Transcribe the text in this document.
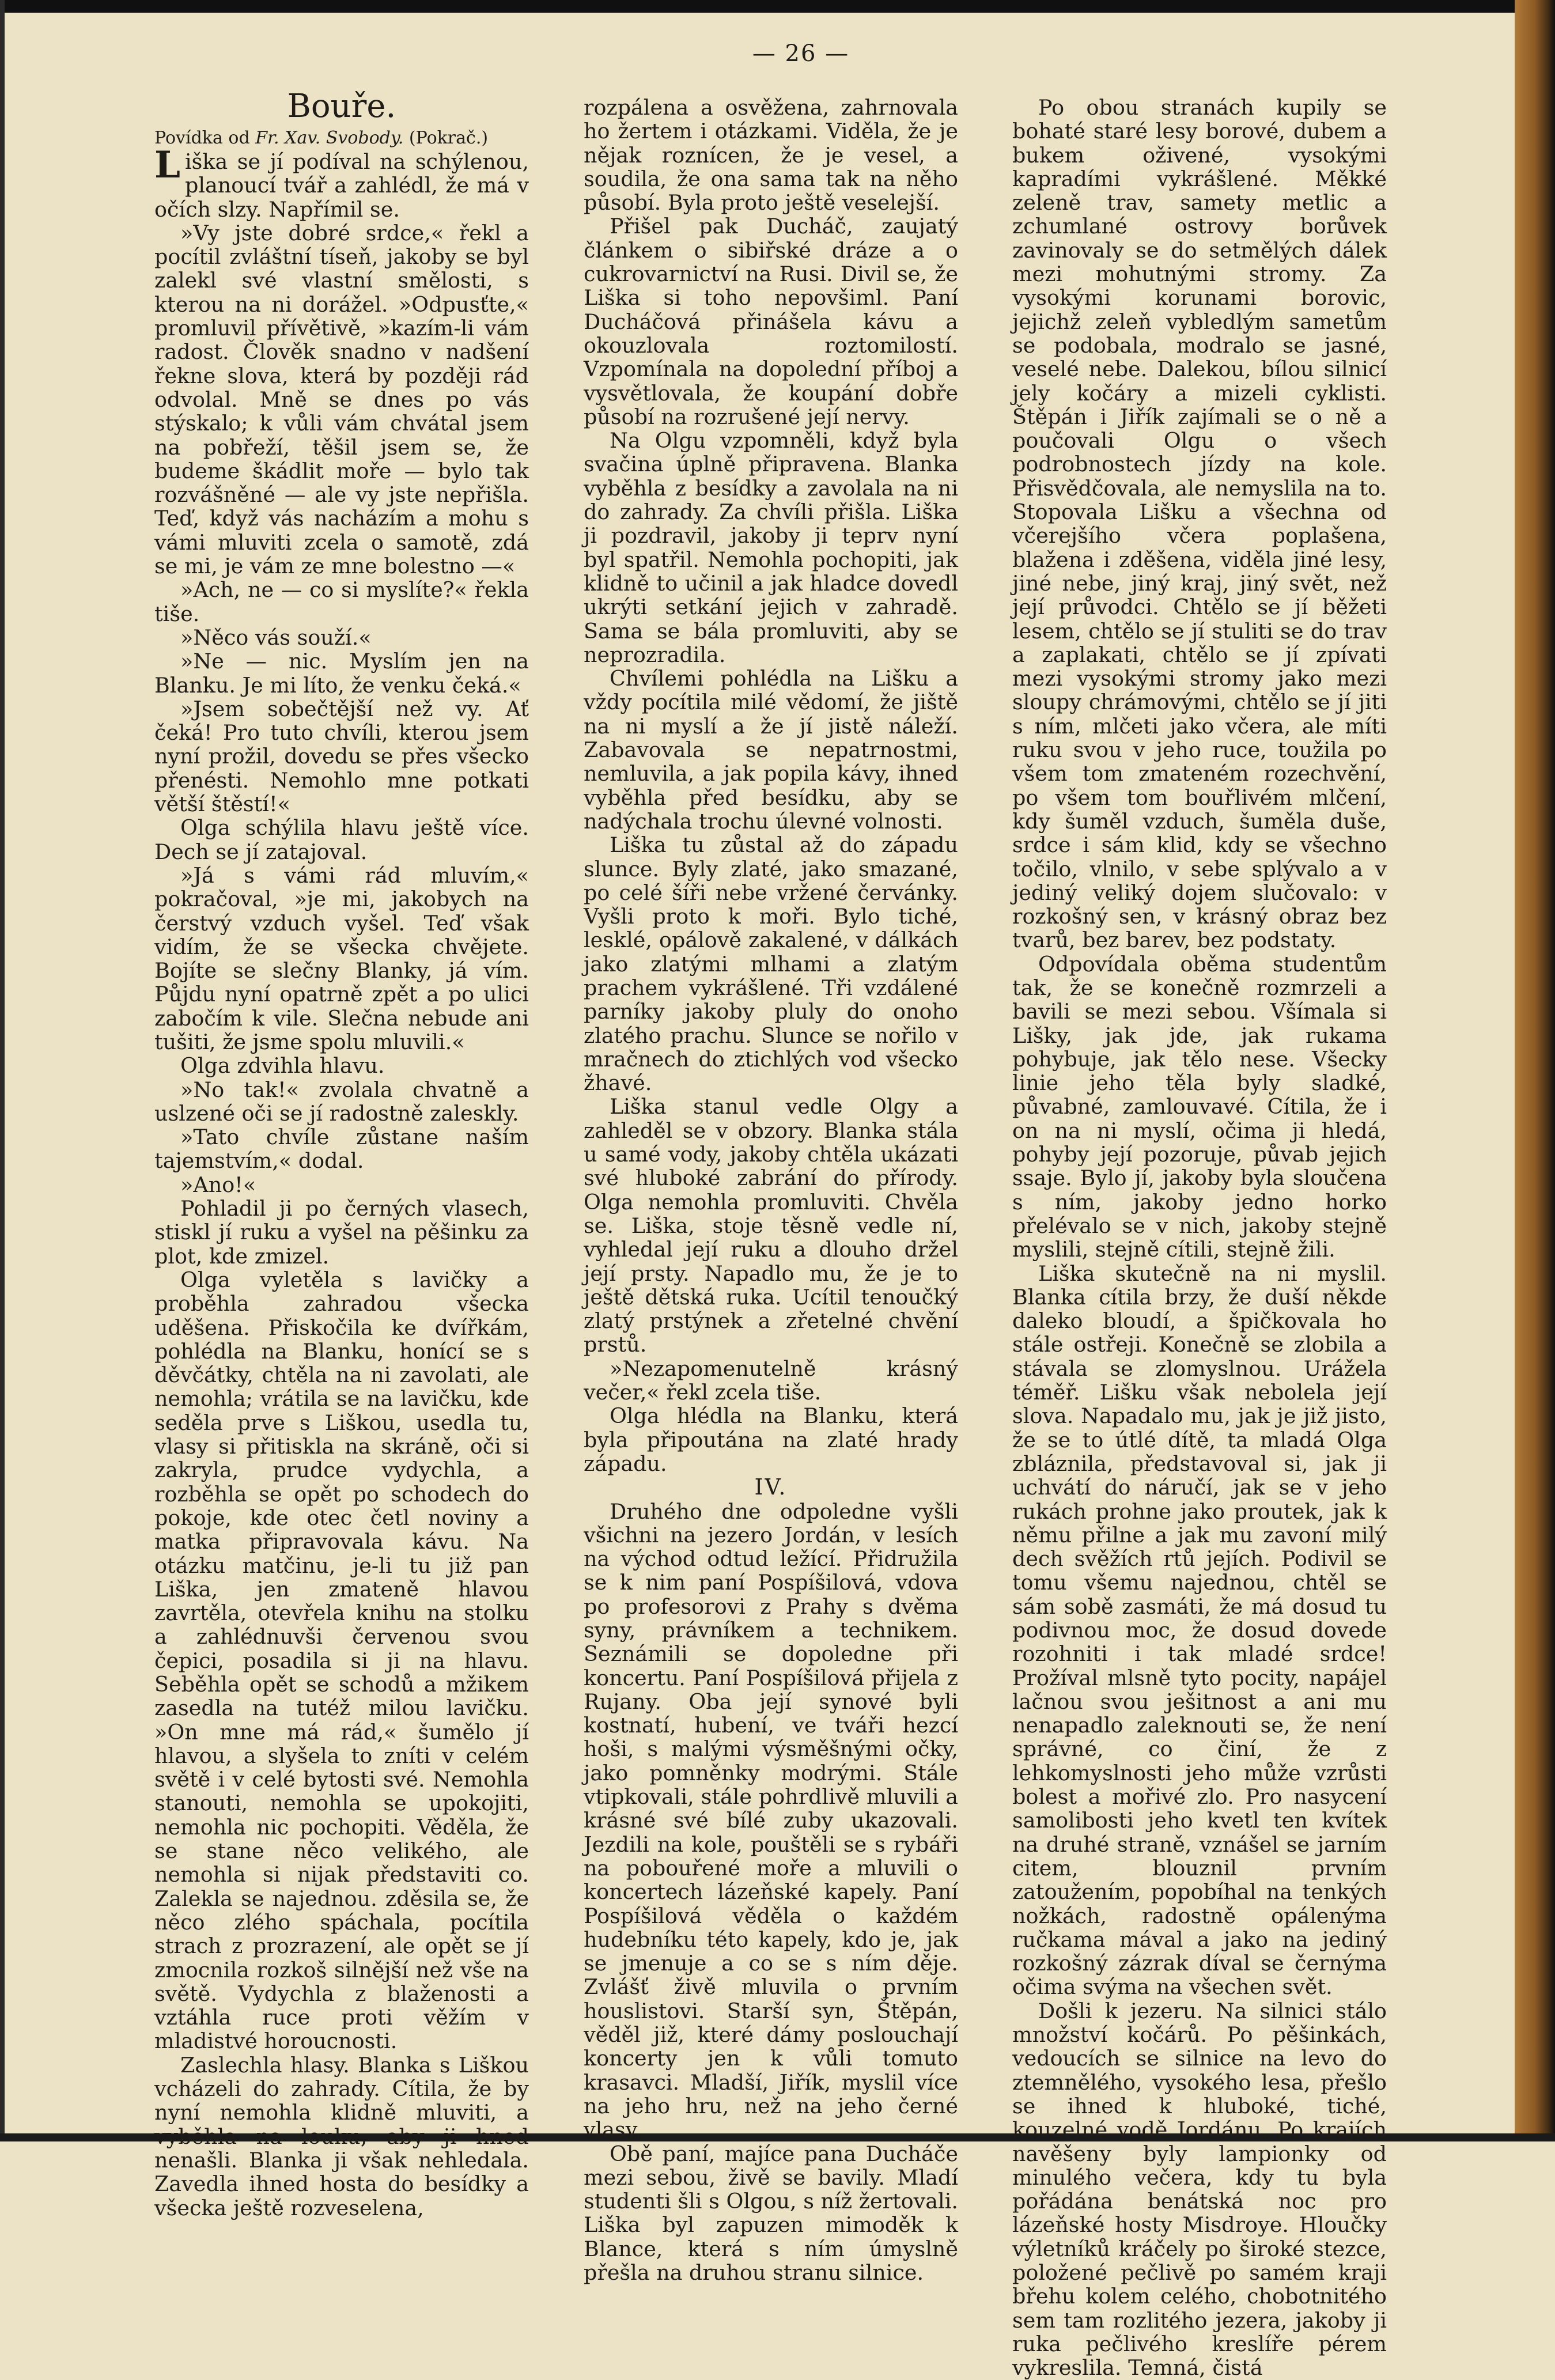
— 26 —

Bouře.

Povídka od Fr. Xav. Svobody. (Pokrač.)

Liška se jí podíval na schýlenou, planoucí tvář a zahlédl, že má v očích slzy. Napřímil se.

»Vy jste dobré srdce,« řekl a pocítil zvláštní tíseň, jakoby se byl zalekl své vlastní smělosti, s kterou na ni dorážel. »Odpusťte,« promluvil přívětivě, »kazím-li vám radost. Člověk snadno v nadšení řekne slova, která by později rád odvolal. Mně se dnes po vás stýskalo; k vůli vám chvátal jsem na pobřeží, těšil jsem se, že budeme škádlit moře — bylo tak rozvášněné — ale vy jste nepřišla. Teď, když vás nacházím a mohu s vámi mluviti zcela o samotě, zdá se mi, je vám ze mne bolestno —«

»Ach, ne — co si myslíte?« řekla tiše.

»Něco vás souží.«

»Ne — nic. Myslím jen na Blanku. Je mi líto, že venku čeká.«

»Jsem sobečtější než vy. Ať čeká! Pro tuto chvíli, kterou jsem nyní prožil, dovedu se přes všecko přenésti. Nemohlo mne potkati větší štěstí!«

Olga schýlila hlavu ještě více. Dech se jí zatajoval.

»Já s vámi rád mluvím,« pokračoval, »je mi, jakobych na čerstvý vzduch vyšel. Teď však vidím, že se všecka chvějete. Bojíte se slečny Blanky, já vím. Půjdu nyní opatrně zpět a po ulici zabočím k vile. Slečna nebude ani tušiti, že jsme spolu mluvili.«

Olga zdvihla hlavu.

»No tak!« zvolala chvatně a uslzené oči se jí radostně zaleskly.

»Tato chvíle zůstane naším tajemstvím,« dodal.

»Ano!«

Pohladil ji po černých vlasech, stiskl jí ruku a vyšel na pěšinku za plot, kde zmizel.

Olga vyletěla s lavičky a proběhla zahradou všecka uděšena. Přiskočila ke dvířkám, pohlédla na Blanku, honící se s děvčátky, chtěla na ni zavolati, ale nemohla; vrátila se na lavičku, kde seděla prve s Liškou, usedla tu, vlasy si přitiskla na skráně, oči si zakryla, prudce vydychla, a rozběhla se opět po schodech do pokoje, kde otec četl noviny a matka připravovala kávu. Na otázku matčinu, je-li tu již pan Liška, jen zmateně hlavou zavrtěla, otevřela knihu na stolku a zahlédnuvši červenou svou čepici, posadila si ji na hlavu. Seběhla opět se schodů a mžikem zasedla na tutéž milou lavičku. »On mne má rád,« šumělo jí hlavou, a slyšela to zníti v celém světě i v celé bytosti své. Nemohla stanouti, nemohla se upokojiti, nemohla nic pochopiti. Věděla, že se stane něco velikého, ale nemohla si nijak představiti co. Zalekla se najednou. zděsila se, že něco zlého spáchala, pocítila strach z prozrazení, ale opět se jí zmocnila rozkoš silnější než vše na světě. Vydychla z blaženosti a vztáhla ruce proti věžím v mladistvé horoucnosti.

Zaslechla hlasy. Blanka s Liškou vcházeli do zahrady. Cítila, že by nyní nemohla klidně mluviti, a vyběhla na louku, aby ji hned nenašli. Blanka ji však nehledala. Zavedla ihned hosta do besídky a všecka ještě rozveselena,

rozpálena a osvěžena, zahrnovala ho žertem i otázkami. Viděla, že je nějak roznícen, že je vesel, a soudila, že ona sama tak na něho působí. Byla proto ještě veselejší.

Přišel pak Ducháč, zaujatý článkem o sibiřské dráze a o cukrovarnictví na Rusi. Divil se, že Liška si toho nepovšiml. Paní Ducháčová přinášela kávu a okouzlovala roztomilostí. Vzpomínala na dopolední příboj a vysvětlovala, že koupání dobře působí na rozrušené její nervy.

Na Olgu vzpomněli, když byla svačina úplně připravena. Blanka vyběhla z besídky a zavolala na ni do zahrady. Za chvíli přišla. Liška ji pozdravil, jakoby ji teprv nyní byl spatřil. Nemohla pochopiti, jak klidně to učinil a jak hladce dovedl ukrýti setkání jejich v zahradě. Sama se bála promluviti, aby se neprozradila.

Chvílemi pohlédla na Lišku a vždy pocítila milé vědomí, že jiště na ni myslí a že jí jistě náleží. Zabavovala se nepatrnostmi, nemluvila, a jak popila kávy, ihned vyběhla před besídku, aby se nadýchala trochu úlevné volnosti.

Liška tu zůstal až do západu slunce. Byly zlaté, jako smazané, po celé šíři nebe vržené červánky. Vyšli proto k moři. Bylo tiché, lesklé, opálově zakalené, v dálkách jako zlatými mlhami a zlatým prachem vykrášlené. Tři vzdálené parníky jakoby pluly do onoho zlatého prachu. Slunce se nořilo v mračnech do ztichlých vod všecko žhavé.

Liška stanul vedle Olgy a zahleděl se v obzory. Blanka stála u samé vody, jakoby chtěla ukázati své hluboké zabrání do přírody. Olga nemohla promluviti. Chvěla se. Liška, stoje těsně vedle ní, vyhledal její ruku a dlouho držel její prsty. Napadlo mu, že je to ještě dětská ruka. Ucítil tenoučký zlatý prstýnek a zřetelné chvění prstů.

»Nezapomenutelně krásný večer,« řekl zcela tiše.

Olga hlédla na Blanku, která byla připoutána na zlaté hrady západu.

IV.

Druhého dne odpoledne vyšli všichni na jezero Jordán, v lesích na východ odtud ležící. Přidružila se k nim paní Pospíšilová, vdova po profesorovi z Prahy s dvěma syny, právníkem a technikem. Seznámili se dopoledne při koncertu. Paní Pospíšilová přijela z Rujany. Oba její synové byli kostnatí, hubení, ve tváři hezcí hoši, s malými výsměšnými očky, jako pomněnky modrými. Stále vtipkovali, stále pohrdlivě mluvili a krásné své bílé zuby ukazovali. Jezdili na kole, pouštěli se s rybáři na pobouřené moře a mluvili o koncertech lázeňské kapely. Paní Pospíšilová věděla o každém hudebníku této kapely, kdo je, jak se jmenuje a co se s ním děje. Zvlášť živě mluvila o prvním houslistovi. Starší syn, Štěpán, věděl již, které dámy poslouchají koncerty jen k vůli tomuto krasavci. Mladší, Jiřík, myslil více na jeho hru, než na jeho černé vlasy.

Obě paní, majíce pana Ducháče mezi sebou, živě se bavily. Mladí studenti šli s Olgou, s níž žertovali. Liška byl zapuzen mimoděk k Blance, která s ním úmyslně přešla na druhou stranu silnice.

Po obou stranách kupily se bohaté staré lesy borové, dubem a bukem oživené, vysokými kapradími vykrášlené. Měkké zeleně trav, samety metlic a zchumlané ostrovy borůvek zavinovaly se do setmělých dálek mezi mohutnými stromy. Za vysokými korunami borovic, jejichž zeleň vybledlým sametům se podobala, modralo se jasné, veselé nebe. Dalekou, bílou silnicí jely kočáry a mizeli cyklisti. Štěpán i Jiřík zajímali se o ně a poučovali Olgu o všech podrobnostech jízdy na kole. Přisvědčovala, ale nemyslila na to. Stopovala Lišku a všechna od včerejšího včera poplašena, blažena i zděšena, viděla jiné lesy, jiné nebe, jiný kraj, jiný svět, než její průvodci. Chtělo se jí běžeti lesem, chtělo se jí stuliti se do trav a zaplakati, chtělo se jí zpívati mezi vysokými stromy jako mezi sloupy chrámovými, chtělo se jí jiti s ním, mlčeti jako včera, ale míti ruku svou v jeho ruce, toužila po všem tom zmateném rozechvění, po všem tom bouřlivém mlčení, kdy šuměl vzduch, šuměla duše, srdce i sám klid, kdy se všechno točilo, vlnilo, v sebe splývalo a v jediný veliký dojem slučovalo: v rozkošný sen, v krásný obraz bez tvarů, bez barev, bez podstaty.

Odpovídala oběma studentům tak, že se konečně rozmrzeli a bavili se mezi sebou. Všímala si Lišky, jak jde, jak rukama pohybuje, jak tělo nese. Všecky linie jeho těla byly sladké, půvabné, zamlouvavé. Cítila, že i on na ni myslí, očima ji hledá, pohyby její pozoruje, půvab jejich ssaje. Bylo jí, jakoby byla sloučena s ním, jakoby jedno horko přelévalo se v nich, jakoby stejně myslili, stejně cítili, stejně žili.

Liška skutečně na ni myslil. Blanka cítila brzy, že duší někde daleko bloudí, a špičkovala ho stále ostřeji. Konečně se zlobila a stávala se zlomyslnou. Urážela téměř. Lišku však nebolela její slova. Napadalo mu, jak je již jisto, že se to útlé dítě, ta mladá Olga zbláznila, představoval si, jak ji uchvátí do náručí, jak se v jeho rukách prohne jako proutek, jak k němu přilne a jak mu zavoní milý dech svěžích rtů jejích. Podivil se tomu všemu najednou, chtěl se sám sobě zasmáti, že má dosud tu podivnou moc, že dosud dovede rozohniti i tak mladé srdce! Prožíval mlsně tyto pocity, napájel lačnou svou ješitnost a ani mu nenapadlo zaleknouti se, že není správné, co činí, že z lehkomyslnosti jeho může vzrůsti bolest a mořivé zlo. Pro nasycení samolibosti jeho kvetl ten kvítek na druhé straně, vznášel se jarním citem, blouznil prvním zatoužením, popobíhal na tenkých nožkách, radostně opálenýma ručkama mával a jako na jediný rozkošný zázrak díval se černýma očima svýma na všechen svět.

Došli k jezeru. Na silnici stálo množství kočárů. Po pěšinkách, vedoucích se silnice na levo do ztemnělého, vysokého lesa, přešlo se ihned k hluboké, tiché, kouzelné vodě Jordánu. Po krajích navěšeny byly lampionky od minulého večera, kdy tu byla pořádána benátská noc pro lázeňské hosty Misdroye. Hloučky výletníků kráčely po široké stezce, položené pečlivě po samém kraji břehu kolem celého, chobotnitého sem tam rozlitého jezera, jakoby ji ruka pečlivého kreslíře pérem vykreslila. Temná, čistá
